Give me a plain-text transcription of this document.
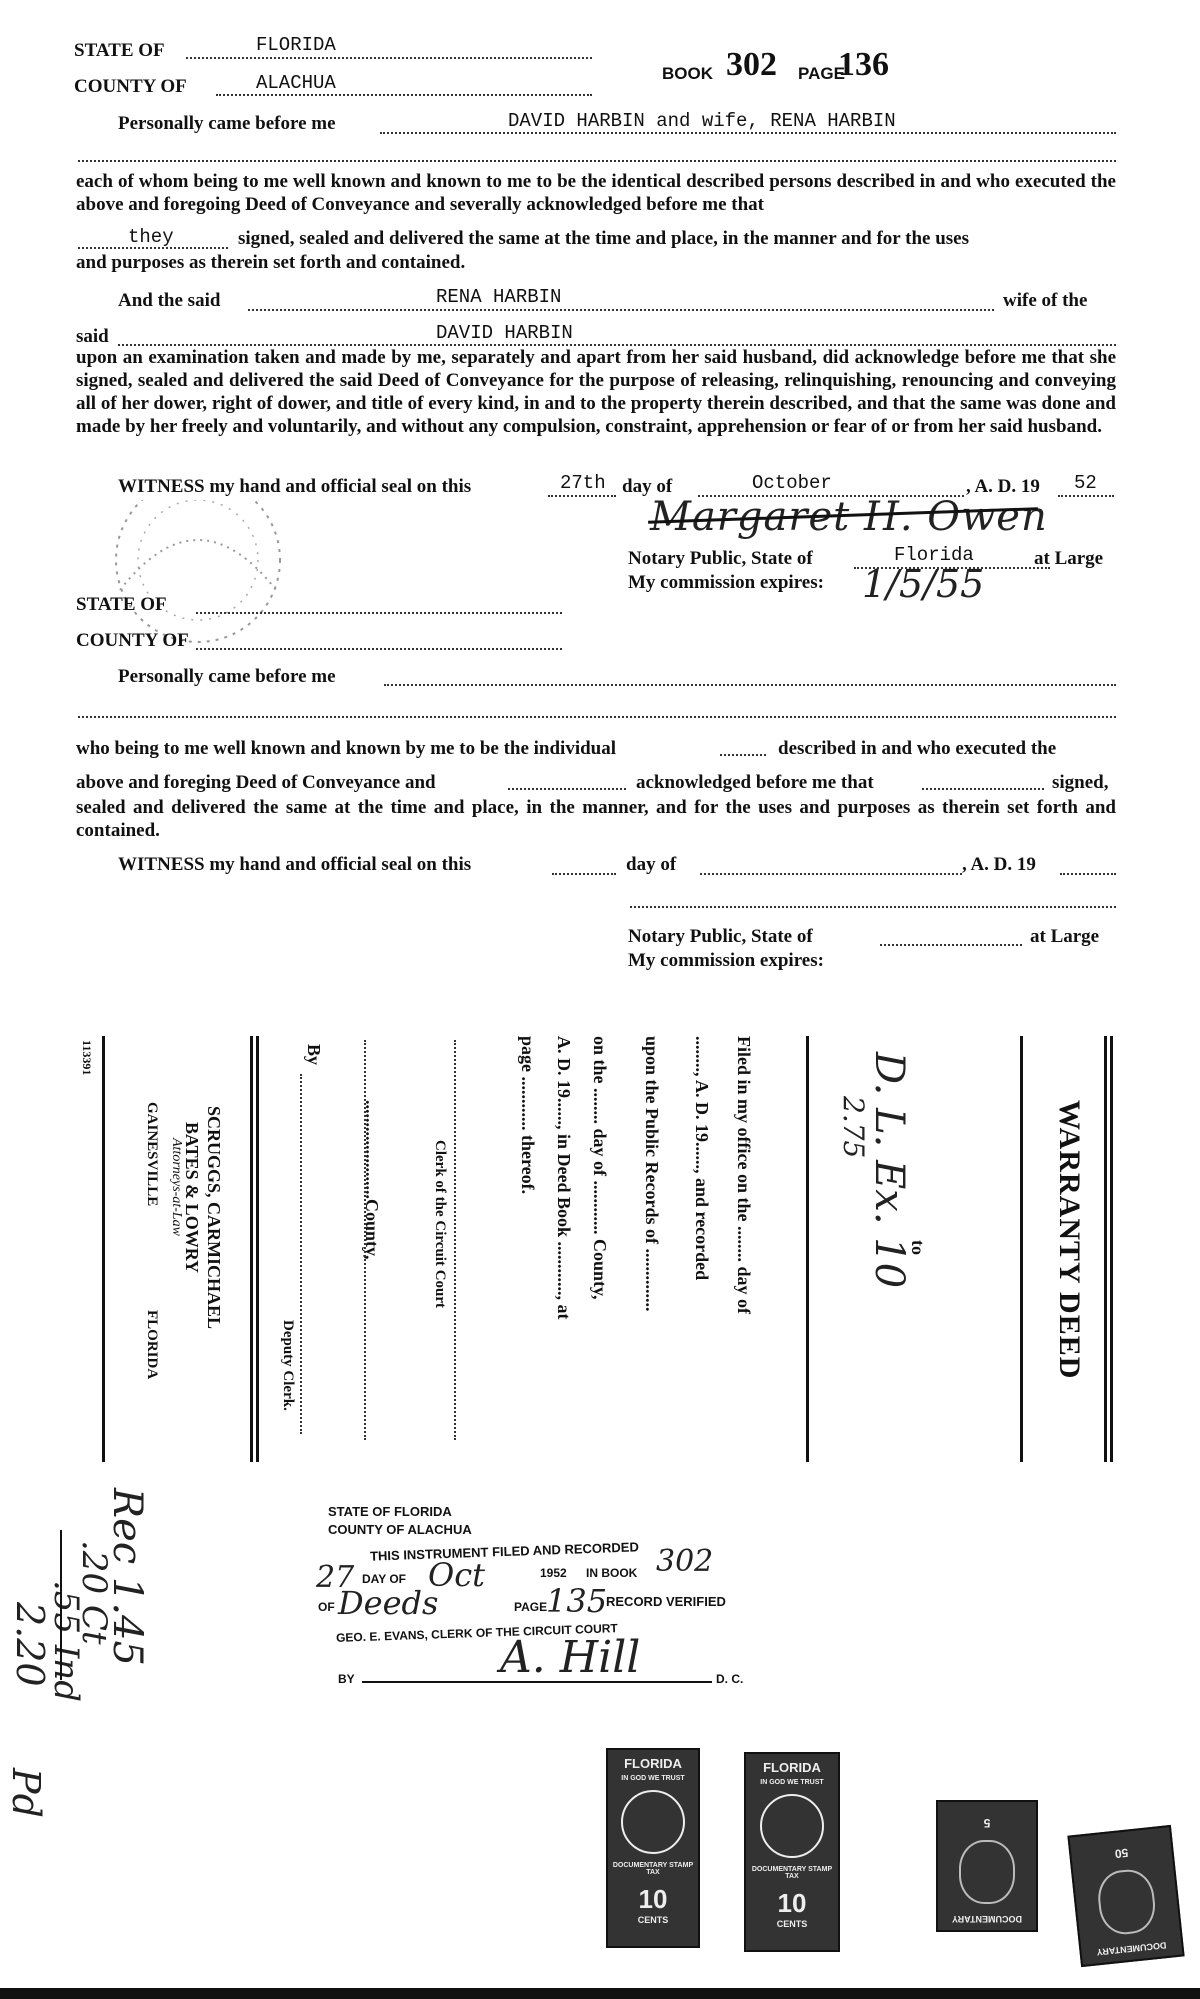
STATE OF	FLORIDA
COUNTY OF	ALACHUA	BOOK 302 PAGE
136
Personally came before me	DAVID HARBIN and wife, RENA HARBIN
each of whom being to me well known and known to me to be the identical described persons described in and who executed the above and foregoing Deed of Conveyance and severally acknowledged before me that
they	signed, sealed and delivered the same at the time and place, in the manner and for the uses
and purposes as therein set forth and contained.
And the said	RENA HARBIN	wife of the
said	DAVID HARBIN
upon an examination taken and made by me, separately and apart from her said husband, did acknowledge before me that she signed, sealed and delivered the said Deed of Conveyance for the purpose of releasing, relinquishing, renouncing and conveying all of her dower, right of dower, and title of every kind, in and to the property therein described, and that the same was done and made by her freely and voluntarily, and without any compulsion, constraint, apprehension or fear of or from her said husband.
WITNESS my hand and official seal on this	27th day of	October	, A. D. 19 52
Margaret H. Owen
Notary Public, State of	Florida	at Large
My commission expires: 1/5/55
STATE OF
COUNTY OF
Personally came before me
who being to me well known and known by me to be the individual	described in and who executed the
above and foreging Deed of Conveyance and	acknowledged before me that	signed,
sealed and delivered the same at the time and place, in the manner, and for the uses and purposes as therein set forth and contained.
WITNESS my hand and official seal on this	day of	, A. D. 19
Notary Public, State of	at Large
My commission expires:
113391
SCRUGGS, CARMICHAEL
BATES & LOWRY
Attorneys-at-Law
GAINESVILLE
FLORIDA
By
Deputy Clerk.
......................County,	Clerk of the Circuit Court
page ............ thereof. A. D. 19......, in Deed Book ............, at on the ........ day of ............ County, upon the Public Records of .............. ........, A. D. 19......, and recorded Filed in my office on the ........ day of	D. L. Ex. 10
2.75
to	WARRANTY DEED
STATE OF FLORIDA
COUNTY OF ALACHUA
THIS INSTRUMENT FILED AND RECORDED
27 DAY OF Oct	1952 IN BOOK 302
OF Deeds	PAGE
135
RECORD VERIFIED
GEO. E. EVANS, CLERK OF THE CIRCUIT COURT
BY	A. Hill	D. C.
Rec 1.45
.20 Ct
.55 Ind
2.20
Pd
FLORIDA
IN GOD WE TRUST
DOCUMENTARY STAMP TAX
10
CENTS
FLORIDA
IN GOD WE TRUST
DOCUMENTARY STAMP TAX
10
CENTS	DOCUMENTARY
5
DOCUMENTARY
50
